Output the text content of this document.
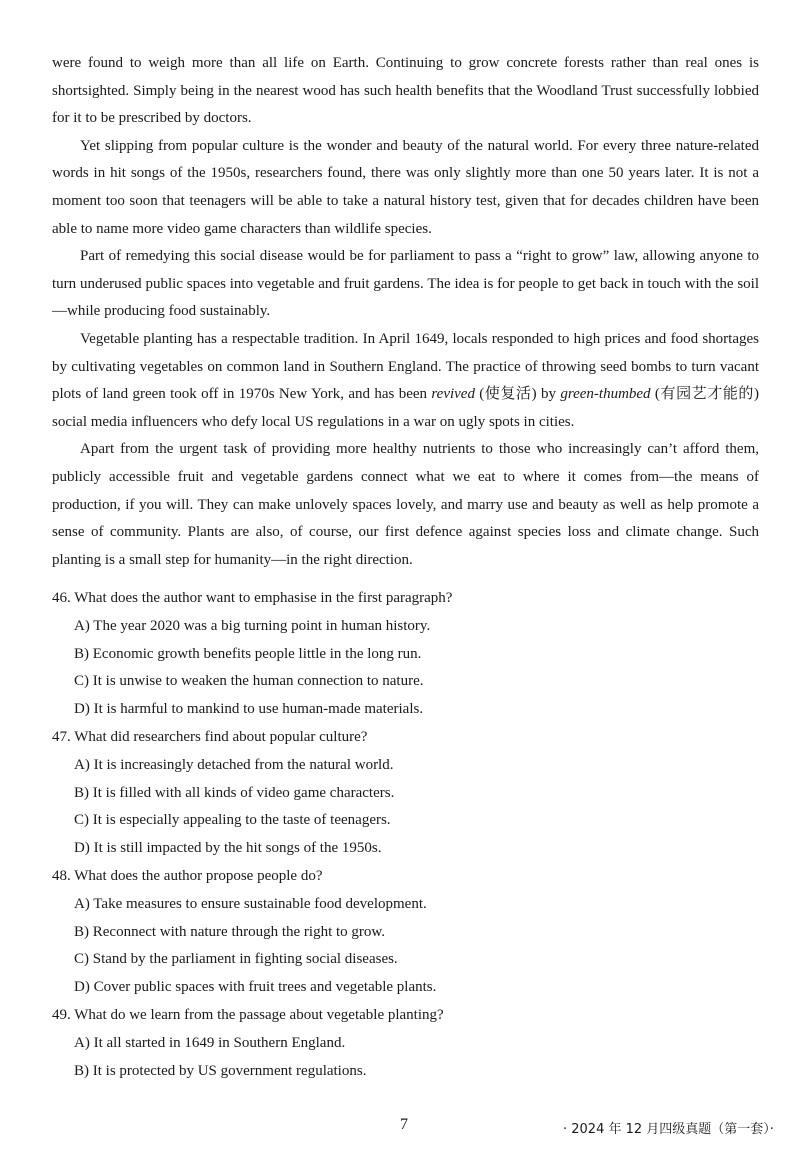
were found to weigh more than all life on Earth. Continuing to grow concrete forests rather than real ones is shortsighted. Simply being in the nearest wood has such health benefits that the Woodland Trust successfully lobbied for it to be prescribed by doctors.

Yet slipping from popular culture is the wonder and beauty of the natural world. For every three nature-related words in hit songs of the 1950s, researchers found, there was only slightly more than one 50 years later. It is not a moment too soon that teenagers will be able to take a natural history test, given that for decades children have been able to name more video game characters than wildlife species.

Part of remedying this social disease would be for parliament to pass a “right to grow” law, allowing anyone to turn underused public spaces into vegetable and fruit gardens. The idea is for people to get back in touch with the soil—while producing food sustainably.

Vegetable planting has a respectable tradition. In April 1649, locals responded to high prices and food shortages by cultivating vegetables on common land in Southern England. The practice of throwing seed bombs to turn vacant plots of land green took off in 1970s New York, and has been revived (使复活) by green-thumbed (有园艺才能的) social media influencers who defy local US regulations in a war on ugly spots in cities.

Apart from the urgent task of providing more healthy nutrients to those who increasingly can’t afford them, publicly accessible fruit and vegetable gardens connect what we eat to where it comes from—the means of production, if you will. They can make unlovely spaces lovely, and marry use and beauty as well as help promote a sense of community. Plants are also, of course, our first defence against species loss and climate change. Such planting is a small step for humanity—in the right direction.

46. What does the author want to emphasise in the first paragraph?

A) The year 2020 was a big turning point in human history.

B) Economic growth benefits people little in the long run.

C) It is unwise to weaken the human connection to nature.

D) It is harmful to mankind to use human-made materials.

47. What did researchers find about popular culture?

A) It is increasingly detached from the natural world.

B) It is filled with all kinds of video game characters.

C) It is especially appealing to the taste of teenagers.

D) It is still impacted by the hit songs of the 1950s.

48. What does the author propose people do?

A) Take measures to ensure sustainable food development.

B) Reconnect with nature through the right to grow.

C) Stand by the parliament in fighting social diseases.

D) Cover public spaces with fruit trees and vegetable plants.

49. What do we learn from the passage about vegetable planting?

A) It all started in 1649 in Southern England.

B) It is protected by US government regulations.

7	· 2024 年 12 月四级真题（第一套）·
